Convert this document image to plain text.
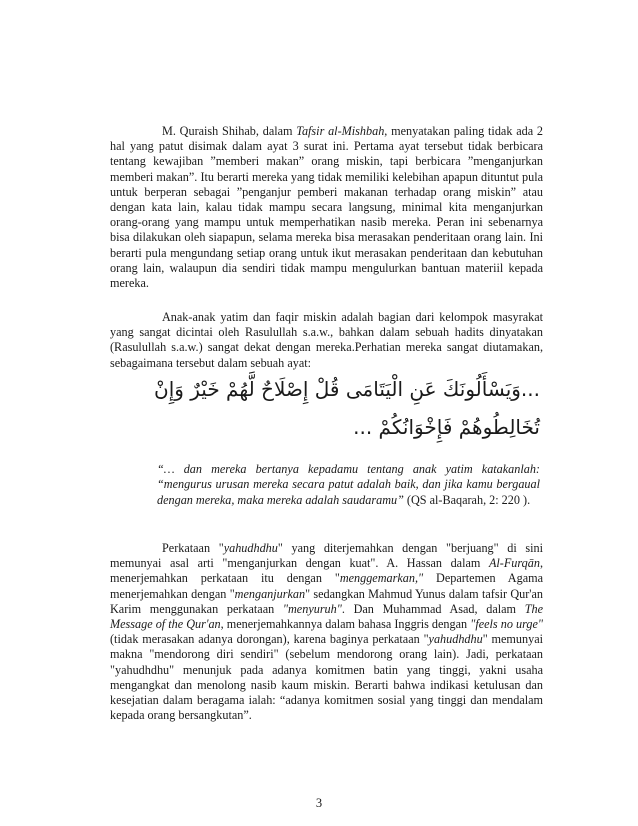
M. Quraish Shihab, dalam Tafsir al-Mishbah, menyatakan paling tidak ada 2 hal yang patut disimak dalam ayat 3 surat ini. Pertama ayat tersebut tidak berbicara tentang kewajiban ”memberi makan” orang miskin, tapi berbicara ”menganjurkan memberi makan”. Itu berarti mereka yang tidak memiliki kelebihan apapun dituntut pula untuk berperan sebagai ”penganjur pemberi makanan terhadap orang miskin” atau dengan kata lain, kalau tidak mampu secara langsung, minimal kita menganjurkan orang-orang yang mampu untuk memperhatikan nasib mereka. Peran ini sebenarnya bisa dilakukan oleh siapapun, selama mereka bisa merasakan penderitaan orang lain. Ini berarti pula mengundang setiap orang untuk ikut merasakan penderitaan dan kebutuhan orang lain, walaupun dia sendiri tidak mampu mengulurkan bantuan materiil kepada mereka.

Anak-anak yatim dan faqir miskin adalah bagian dari kelompok masyrakat yang sangat dicintai oleh Rasulullah s.a.w., bahkan dalam sebuah hadits dinyatakan (Rasulullah s.a.w.) sangat dekat dengan mereka.Perhatian mereka sangat diutamakan, sebagaimana tersebut dalam sebuah ayat:

...وَيَسْأَلُونَكَ عَنِ الْيَتَامَى قُلْ إِصْلَاحٌ لَّهُمْ خَيْرٌ وَإِنْ

تُخَالِطُوهُمْ فَإِخْوَانُكُمْ ...

“… dan mereka bertanya kepadamu tentang anak yatim katakanlah: “mengurus urusan mereka secara patut adalah baik, dan jika kamu bergaual dengan mereka, maka mereka adalah saudaramu” (QS al-Baqarah, 2: 220 ).

Perkataan "yahudhdhu" yang diterjemahkan dengan "berjuang" di sini memunyai asal arti "menganjurkan dengan kuat". A. Hassan dalam Al-Furqān, menerjemahkan perkataan itu dengan "menggemarkan," Departemen Agama menerjemahkan dengan "menganjurkan" sedangkan Mahmud Yunus dalam tafsir Qur'an Karim menggunakan perkataan "menyuruh". Dan Muhammad Asad, dalam The Message of the Qur'an, menerjemahkannya dalam bahasa Inggris dengan "feels no urge" (tidak merasakan adanya dorongan), karena baginya perkataan "yahudhdhu" memunyai makna "mendorong diri sendiri" (sebelum mendorong orang lain). Jadi, perkataan "yahudhdhu" menunjuk pada adanya komitmen batin yang tinggi, yakni usaha mengangkat dan menolong nasib kaum miskin. Berarti bahwa indikasi ketulusan dan kesejatian dalam beragama ialah: “adanya komitmen sosial yang tinggi dan mendalam kepada orang bersangkutan”.

3
